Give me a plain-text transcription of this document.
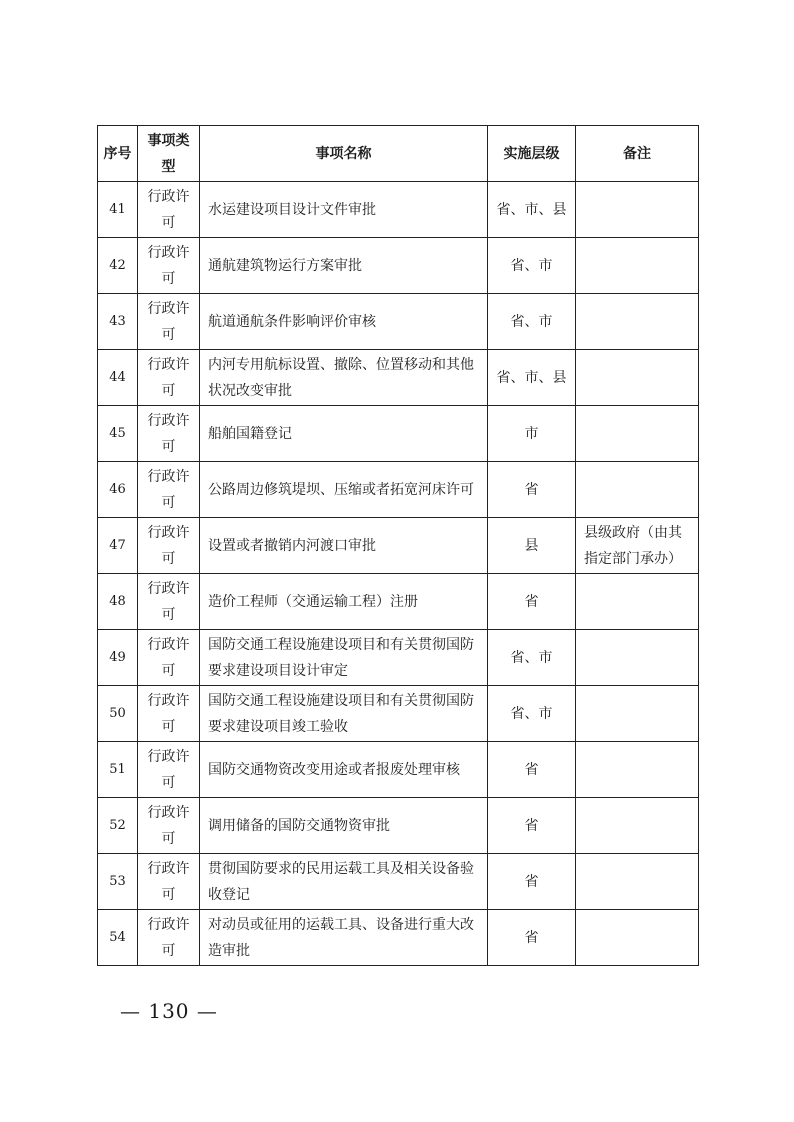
序号	事项类型	事项名称	实施层级	备注
41	行政许可	水运建设项目设计文件审批	省、市、县	
42	行政许可	通航建筑物运行方案审批	省、市	
43	行政许可	航道通航条件影响评价审核	省、市	
44	行政许可	内河专用航标设置、撤除、位置移动和其他状况改变审批	省、市、县	
45	行政许可	船舶国籍登记	市	
46	行政许可	公路周边修筑堤坝、压缩或者拓宽河床许可	省	
47	行政许可	设置或者撤销内河渡口审批	县	县级政府（由其指定部门承办）
48	行政许可	造价工程师（交通运输工程）注册	省	
49	行政许可	国防交通工程设施建设项目和有关贯彻国防要求建设项目设计审定	省、市	
50	行政许可	国防交通工程设施建设项目和有关贯彻国防要求建设项目竣工验收	省、市	
51	行政许可	国防交通物资改变用途或者报废处理审核	省	
52	行政许可	调用储备的国防交通物资审批	省	
53	行政许可	贯彻国防要求的民用运载工具及相关设备验收登记	省	
54	行政许可	对动员或征用的运载工具、设备进行重大改造审批	省	
— 130 —
